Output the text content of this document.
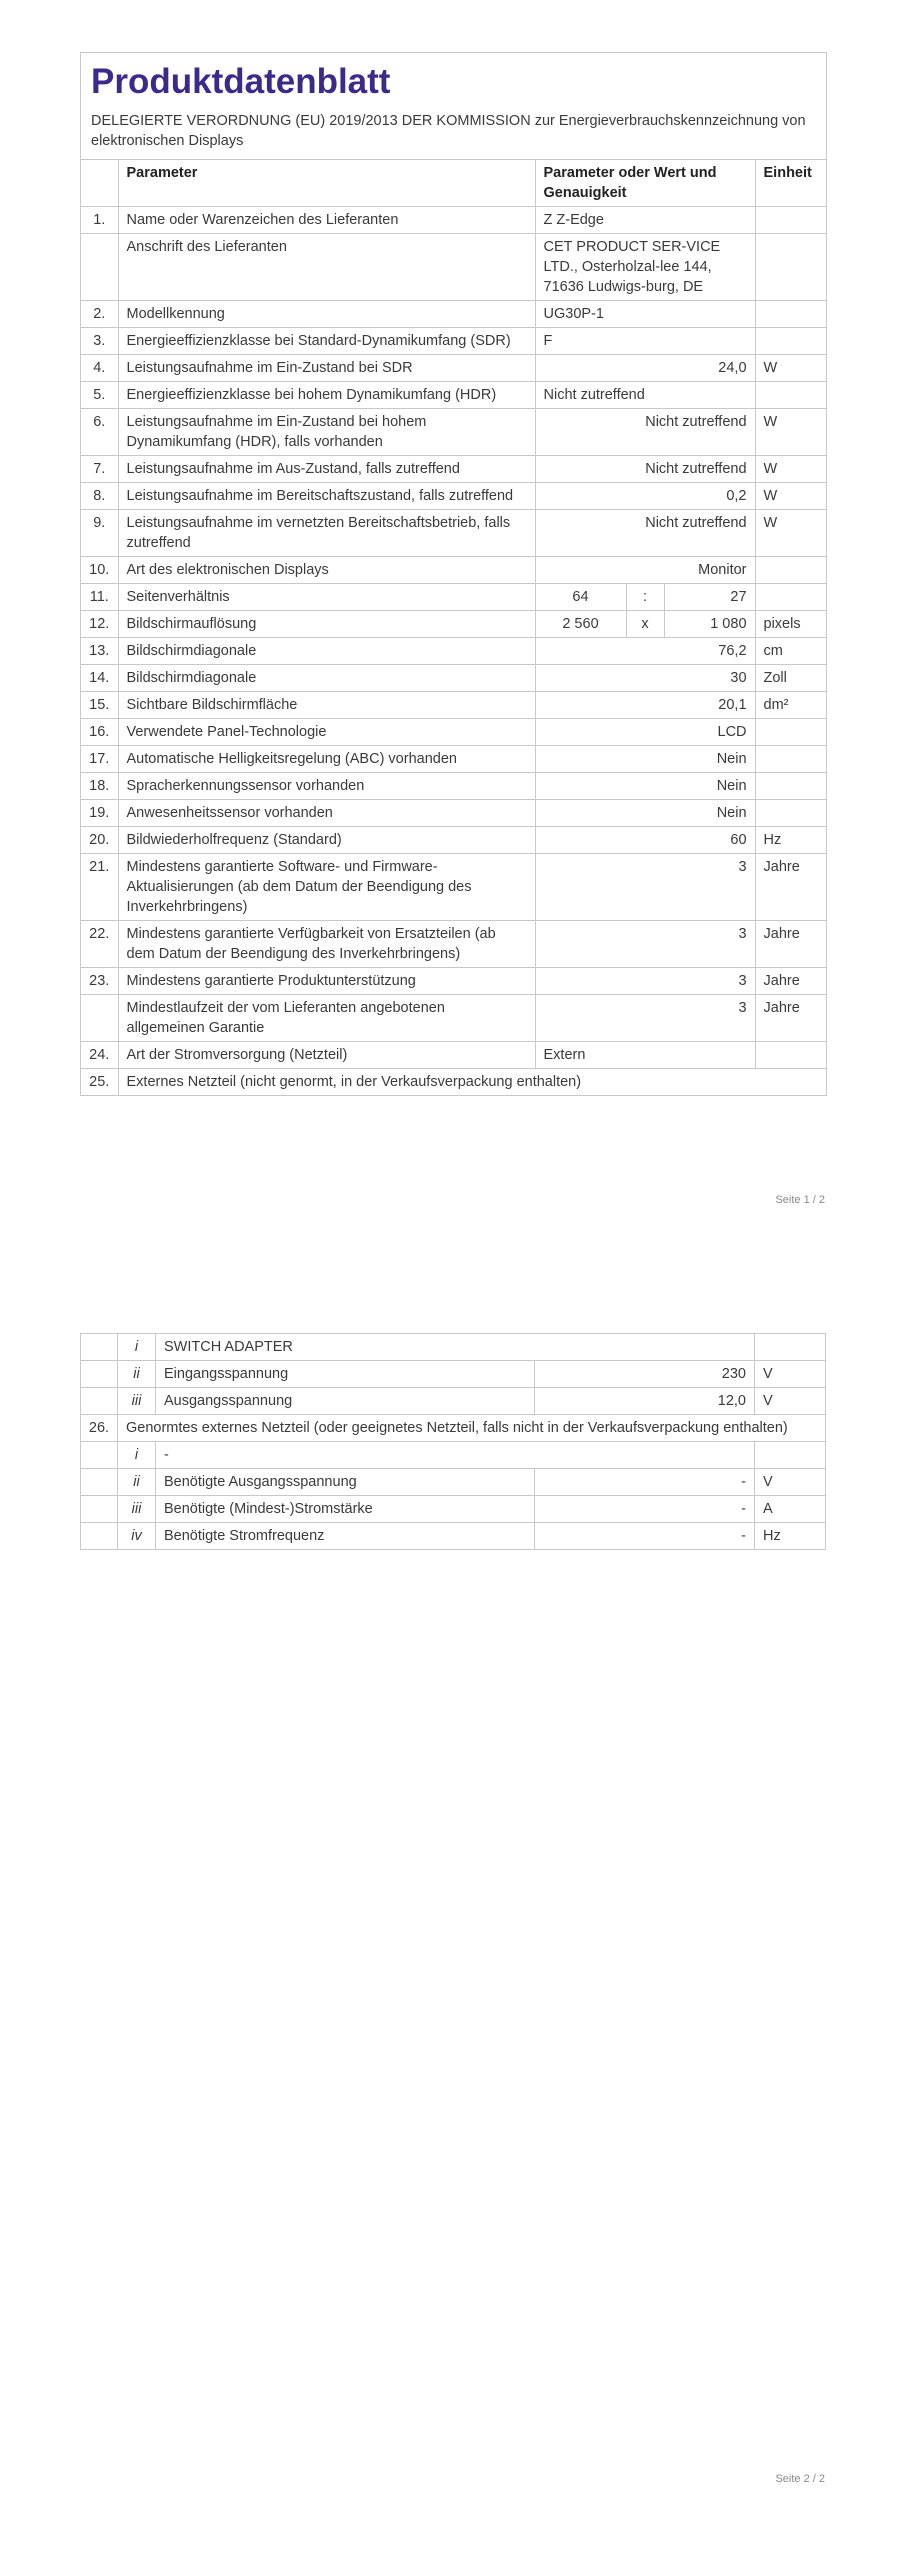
Produktdatenblatt
DELEGIERTE VERORDNUNG (EU) 2019/2013 DER KOMMISSION zur Energieverbrauchskennzeichnung von elektronischen Displays
	Parameter	Parameter oder Wert und Genauigkeit			Einheit
1.	Name oder Warenzeichen des Lieferanten	Z Z-Edge			
	Anschrift des Lieferanten	CET PRODUCT SER-VICE LTD., Osterholzal-lee 144, 71636 Ludwigs-burg, DE			
2.	Modellkennung	UG30P-1			
3.	Energieeffizienzklasse bei Standard-Dynamikumfang (SDR)	F			
4.	Leistungsaufnahme im Ein-Zustand bei SDR	24,0			W
5.	Energieeffizienzklasse bei hohem Dynamikumfang (HDR)	Nicht zutreffend			
6.	Leistungsaufnahme im Ein-Zustand bei hohem Dynamikumfang (HDR), falls vorhanden	Nicht zutreffend			W
7.	Leistungsaufnahme im Aus-Zustand, falls zutreffend	Nicht zutreffend			W
8.	Leistungsaufnahme im Bereitschaftszustand, falls zutreffend	0,2			W
9.	Leistungsaufnahme im vernetzten Bereitschaftsbetrieb, falls zutreffend	Nicht zutreffend			W
10.	Art des elektronischen Displays	Monitor			
11.	Seitenverhältnis	64	:	27	
12.	Bildschirmauflösung	2 560	x	1 080	pixels
13.	Bildschirmdiagonale	76,2			cm
14.	Bildschirmdiagonale	30			Zoll
15.	Sichtbare Bildschirmfläche	20,1			dm²
16.	Verwendete Panel-Technologie	LCD			
17.	Automatische Helligkeitsregelung (ABC) vorhanden	Nein			
18.	Spracherkennungssensor vorhanden	Nein			
19.	Anwesenheitssensor vorhanden	Nein			
20.	Bildwiederholfrequenz (Standard)	60			Hz
21.	Mindestens garantierte Software- und Firmware-Aktualisierungen (ab dem Datum der Beendigung des Inverkehrbringens)	3			Jahre
22.	Mindestens garantierte Verfügbarkeit von Ersatzteilen (ab dem Datum der Beendigung des Inverkehrbringens)	3			Jahre
23.	Mindestens garantierte Produktunterstützung	3			Jahre
	Mindestlaufzeit der vom Lieferanten angebotenen allgemeinen Garantie	3			Jahre
24.	Art der Stromversorgung (Netzteil)	Extern			
25.	Externes Netzteil (nicht genormt, in der Verkaufsverpackung enthalten)				
Seite 1 / 2
	i	SWITCH ADAPTER		
	ii	Eingangsspannung	230	V
	iii	Ausgangsspannung	12,0	V
26.	Genormtes externes Netzteil (oder geeignetes Netzteil, falls nicht in der Verkaufsverpackung enthalten)			
	i	-		
	ii	Benötigte Ausgangsspannung	-	V
	iii	Benötigte (Mindest-)Stromstärke	-	A
	iv	Benötigte Stromfrequenz	-	Hz
Seite 2 / 2
